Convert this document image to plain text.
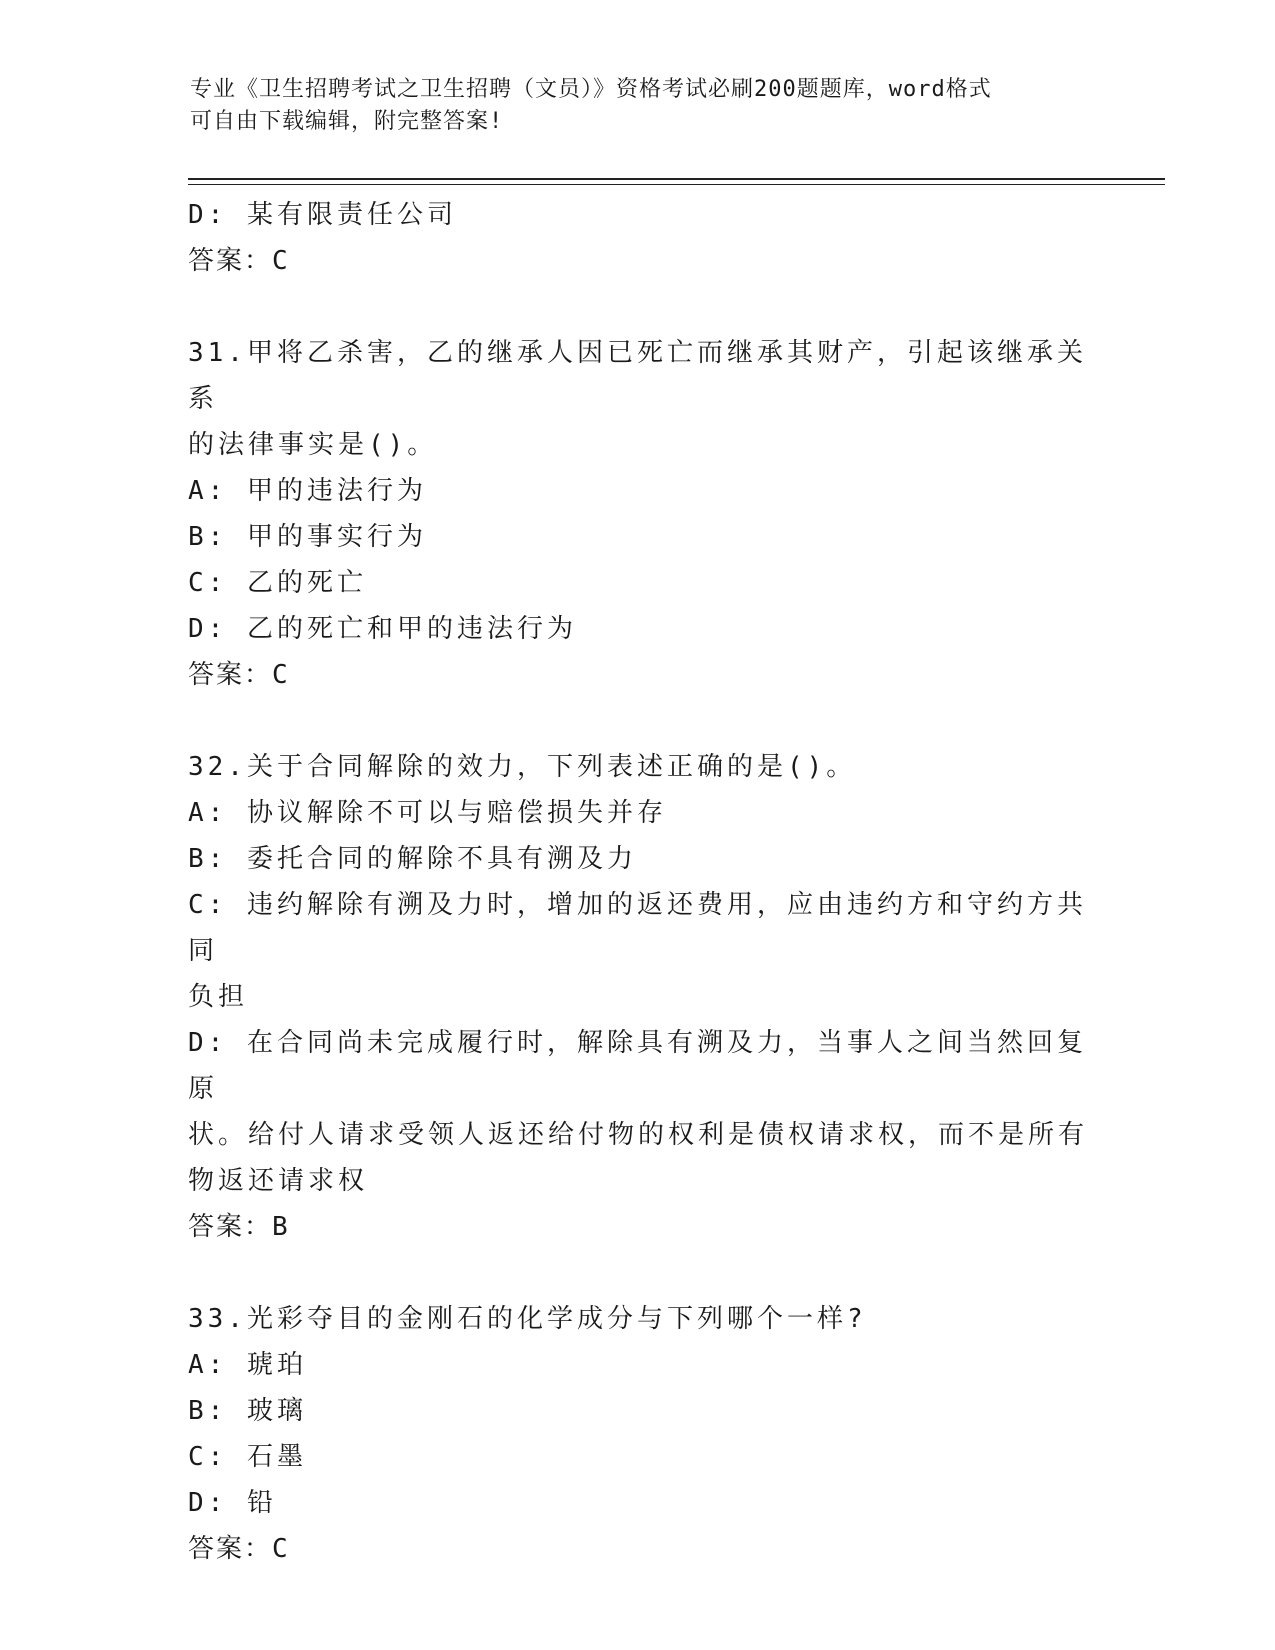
专业《卫生招聘考试之卫生招聘（文员）》资格考试必刷200题题库，word格式
可自由下载编辑，附完整答案!

D: 某有限责任公司

答案：C

31.甲将乙杀害，乙的继承人因已死亡而继承其财产，引起该继承关系

的法律事实是()。

A: 甲的违法行为

B: 甲的事实行为

C: 乙的死亡

D: 乙的死亡和甲的违法行为

答案：C

32.关于合同解除的效力，下列表述正确的是()。

A: 协议解除不可以与赔偿损失并存

B: 委托合同的解除不具有溯及力

C: 违约解除有溯及力时，增加的返还费用，应由违约方和守约方共同

负担

D: 在合同尚未完成履行时，解除具有溯及力，当事人之间当然回复原

状。给付人请求受领人返还给付物的权利是债权请求权，而不是所有

物返还请求权

答案：B

33.光彩夺目的金刚石的化学成分与下列哪个一样?

A: 琥珀

B: 玻璃

C: 石墨

D: 铅

答案：C
